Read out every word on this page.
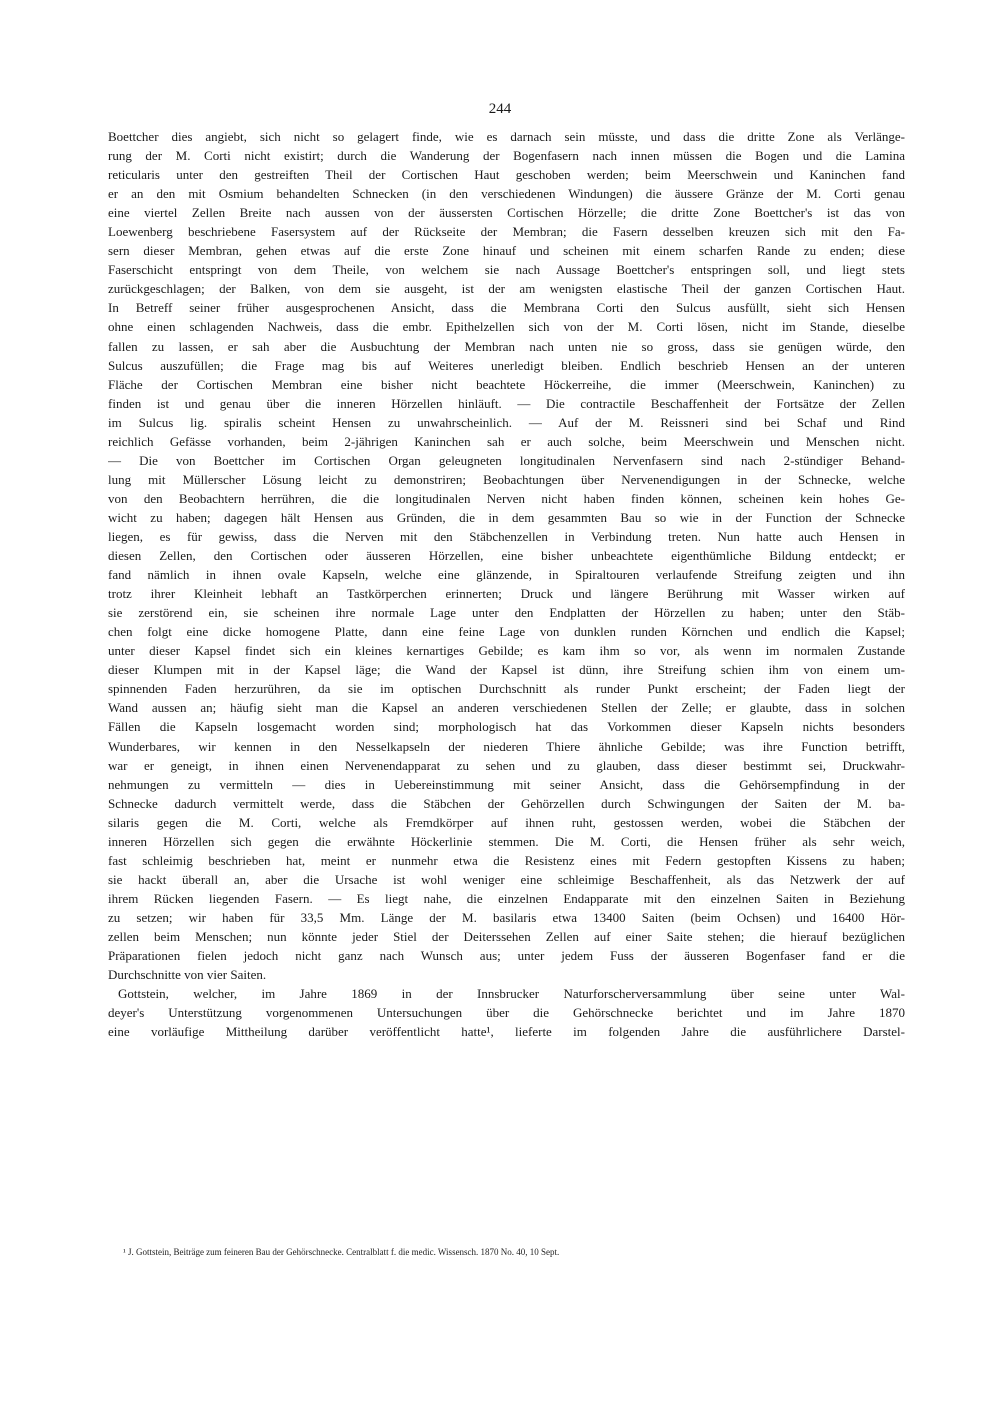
244
Boettcher dies angiebt, sich nicht so gelagert finde, wie es darnach sein müsste, und dass die dritte Zone als Verlänge-
rung der M. Corti nicht existirt; durch die Wanderung der Bogenfasern nach innen müssen die Bogen und die Lamina
reticularis unter den gestreiften Theil der Cortischen Haut geschoben werden; beim Meerschwein und Kaninchen fand
er an den mit Osmium behandelten Schnecken (in den verschiedenen Windungen) die äussere Gränze der M. Corti genau
eine viertel Zellen Breite nach aussen von der äussersten Cortischen Hörzelle; die dritte Zone Boettcher's ist das von
Loewenberg beschriebene Fasersystem auf der Rückseite der Membran; die Fasern desselben kreuzen sich mit den Fa-
sern dieser Membran, gehen etwas auf die erste Zone hinauf und scheinen mit einem scharfen Rande zu enden; diese
Faserschicht entspringt von dem Theile, von welchem sie nach Aussage Boettcher's entspringen soll, und liegt stets
zurückgeschlagen; der Balken, von dem sie ausgeht, ist der am wenigsten elastische Theil der ganzen Cortischen Haut.
In Betreff seiner früher ausgesprochenen Ansicht, dass die Membrana Corti den Sulcus ausfüllt, sieht sich Hensen
ohne einen schlagenden Nachweis, dass die embr. Epithelzellen sich von der M. Corti lösen, nicht im Stande, dieselbe
fallen zu lassen, er sah aber die Ausbuchtung der Membran nach unten nie so gross, dass sie genügen würde, den
Sulcus auszufüllen; die Frage mag bis auf Weiteres unerledigt bleiben. Endlich beschrieb Hensen an der unteren
Fläche der Cortischen Membran eine bisher nicht beachtete Höckerreihe, die immer (Meerschwein, Kaninchen) zu
finden ist und genau über die inneren Hörzellen hinläuft. — Die contractile Beschaffenheit der Fortsätze der Zellen
im Sulcus lig. spiralis scheint Hensen zu unwahrscheinlich. — Auf der M. Reissneri sind bei Schaf und Rind
reichlich Gefässe vorhanden, beim 2-jährigen Kaninchen sah er auch solche, beim Meerschwein und Menschen nicht.
— Die von Boettcher im Cortischen Organ geleugneten longitudinalen Nervenfasern sind nach 2-stündiger Behand-
lung mit Müllerscher Lösung leicht zu demonstriren; Beobachtungen über Nervenendigungen in der Schnecke, welche
von den Beobachtern herrühren, die die longitudinalen Nerven nicht haben finden können, scheinen kein hohes Ge-
wicht zu haben; dagegen hält Hensen aus Gründen, die in dem gesammten Bau so wie in der Function der Schnecke
liegen, es für gewiss, dass die Nerven mit den Stäbchenzellen in Verbindung treten. Nun hatte auch Hensen in
diesen Zellen, den Cortischen oder äusseren Hörzellen, eine bisher unbeachtete eigenthümliche Bildung entdeckt; er
fand nämlich in ihnen ovale Kapseln, welche eine glänzende, in Spiraltouren verlaufende Streifung zeigten und ihn
trotz ihrer Kleinheit lebhaft an Tastkörperchen erinnerten; Druck und längere Berührung mit Wasser wirken auf
sie zerstörend ein, sie scheinen ihre normale Lage unter den Endplatten der Hörzellen zu haben; unter den Stäb-
chen folgt eine dicke homogene Platte, dann eine feine Lage von dunklen runden Körnchen und endlich die Kapsel;
unter dieser Kapsel findet sich ein kleines kernartiges Gebilde; es kam ihm so vor, als wenn im normalen Zustande
dieser Klumpen mit in der Kapsel läge; die Wand der Kapsel ist dünn, ihre Streifung schien ihm von einem um-
spinnenden Faden herzurühren, da sie im optischen Durchschnitt als runder Punkt erscheint; der Faden liegt der
Wand aussen an; häufig sieht man die Kapsel an anderen verschiedenen Stellen der Zelle; er glaubte, dass in solchen
Fällen die Kapseln losgemacht worden sind; morphologisch hat das Vorkommen dieser Kapseln nichts besonders
Wunderbares, wir kennen in den Nesselkapseln der niederen Thiere ähnliche Gebilde; was ihre Function betrifft,
war er geneigt, in ihnen einen Nervenendapparat zu sehen und zu glauben, dass dieser bestimmt sei, Druckwahr-
nehmungen zu vermitteln — dies in Uebereinstimmung mit seiner Ansicht, dass die Gehörsempfindung in der
Schnecke dadurch vermittelt werde, dass die Stäbchen der Gehörzellen durch Schwingungen der Saiten der M. ba-
silaris gegen die M. Corti, welche als Fremdkörper auf ihnen ruht, gestossen werden, wobei die Stäbchen der
inneren Hörzellen sich gegen die erwähnte Höckerlinie stemmen. Die M. Corti, die Hensen früher als sehr weich,
fast schleimig beschrieben hat, meint er nunmehr etwa die Resistenz eines mit Federn gestopften Kissens zu haben;
sie hackt überall an, aber die Ursache ist wohl weniger eine schleimige Beschaffenheit, als das Netzwerk der auf
ihrem Rücken liegenden Fasern. — Es liegt nahe, die einzelnen Endapparate mit den einzelnen Saiten in Beziehung
zu setzen; wir haben für 33,5 Mm. Länge der M. basilaris etwa 13400 Saiten (beim Ochsen) und 16400 Hör-
zellen beim Menschen; nun könnte jeder Stiel der Deiterssehen Zellen auf einer Saite stehen; die hierauf bezüglichen
Präparationen fielen jedoch nicht ganz nach Wunsch aus; unter jedem Fuss der äusseren Bogenfaser fand er die
Durchschnitte von vier Saiten.
Gottstein, welcher, im Jahre 1869 in der Innsbrucker Naturforscherversammlung über seine unter Wal-
deyer's Unterstützung vorgenommenen Untersuchungen über die Gehörschnecke berichtet und im Jahre 1870
eine vorläufige Mittheilung darüber veröffentlicht hatte¹, lieferte im folgenden Jahre die ausführlichere Darstel-
¹ J. Gottstein, Beiträge zum feineren Bau der Gehörschnecke. Centralblatt f. die medic. Wissensch. 1870 No. 40, 10 Sept.
